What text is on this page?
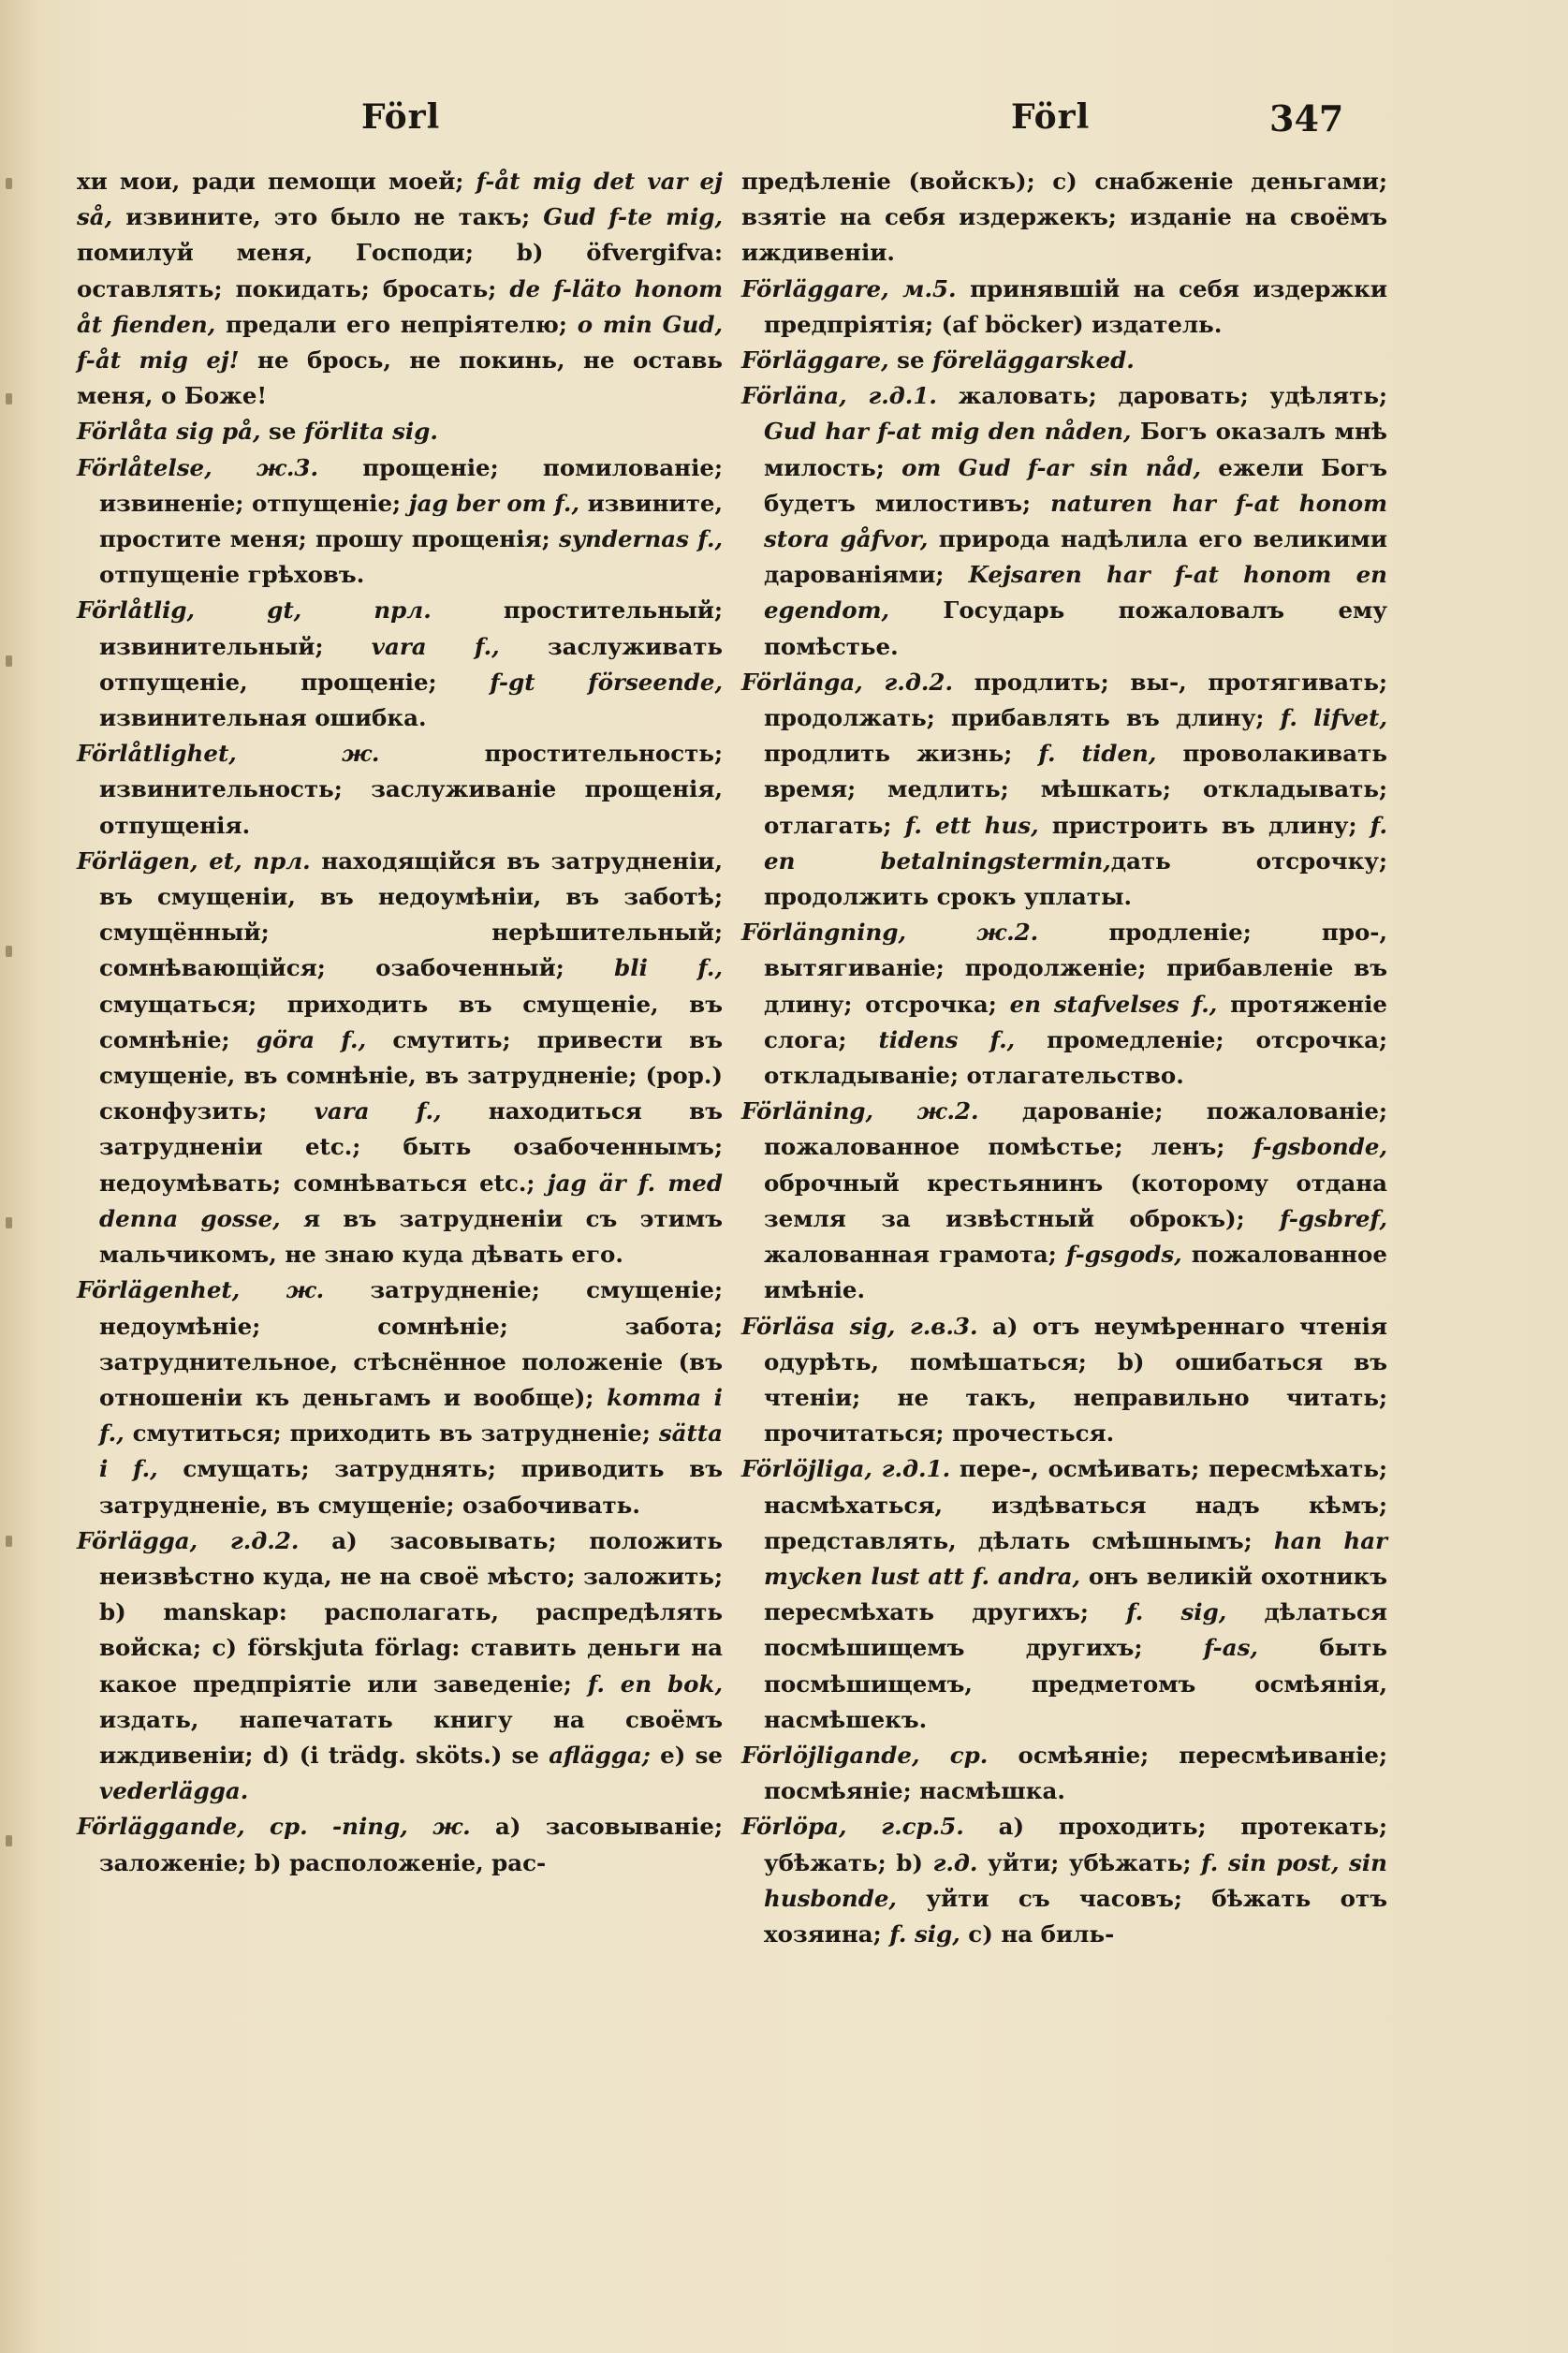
Förl	Förl	347

хи мои, ради пемощи моей; f-åt mig det var ej så, извините, это было не такъ; Gud f-te mig, помилуй меня, Господи; b) öfvergifva: оставлять; покидать; бросать; de f-läto honom åt fienden, предали его непріятелю; o min Gud, f-åt mig ej! не брось, не покинь, не оставь меня, о Боже!

Förlåta sig på, se förlita sig.

Förlåtelse, ж.3. прощеніе; помилованіе; извиненіе; отпущеніе; jag ber om f., извините, простите меня; прошу прощенія; syndernas f., отпущеніе грѣховъ.

Förlåtlig, gt, прл. простительный; извинительный; vara f., заслуживать отпущеніе, прощеніе; f-gt förseende, извинительная ошибка.

Förlåtlighet, ж. простительность; извинительность; заслуживаніе прощенія, отпущенія.

Förlägen, et, прл. находящійся въ затрудненіи, въ смущеніи, въ недоумѣніи, въ заботѣ; смущённый; нерѣшительный; сомнѣвающійся; озабоченный; bli f., смущаться; приходить въ смущеніе, въ сомнѣніе; göra f., смутить; привести въ смущеніе, въ сомнѣніе, въ затрудненіе; (рор.) сконфузить; vara f., находиться въ затрудненіи etc.; быть озабоченнымъ; недоумѣвать; сомнѣваться etc.; jag är f. med denna gosse, я въ затрудненіи съ этимъ мальчикомъ, не знаю куда дѣвать его.

Förlägenhet, ж. затрудненіе; смущеніе; недоумѣніе; сомнѣніе; забота; затруднительное, стѣснённое положеніе (въ отношеніи къ деньгамъ и вообще); komma i f., смутиться; приходить въ затрудненіе; sätta i f., смущать; затруднять; приводить въ затрудненіе, въ смущеніе; озабочивать.

Förlägga, г.д.2. a) засовывать; положить неизвѣстно куда, не на своё мѣсто; заложить; b) manskap: располагать, распредѣлять войска; c) förskjuta förlag: ставить деньги на какое предпріятіе или заведеніе; f. en bok, издать, напечатать книгу на своёмъ иждивеніи; d) (i trädg. sköts.) se aflägga; e) se vederlägga.

Förläggande, ср. -ning, ж. a) засовываніе; заложеніе; b) расположеніе, рас-

предѣленіе (войскъ); c) снабженіе деньгами; взятіе на себя издержекъ; изданіе на своёмъ иждивеніи.

Förläggare, м.5. принявшій на себя издержки предпріятія; (af böcker) издатель.

Förläggare, se föreläggarsked.

Förläna, г.д.1. жаловать; даровать; удѣлять; Gud har f-at mig den nåden, Богъ оказалъ мнѣ милость; om Gud f-ar sin nåd, ежели Богъ будетъ милостивъ; naturen har f-at honom stora gåfvor, природа надѣлила его великими дарованіями; Kejsaren har f-at honom en egendom, Государь пожаловалъ ему помѣстье.

Förlänga, г.д.2. продлить; вы-, протягивать; продолжать; прибавлять въ длину; f. lifvet, продлить жизнь; f. tiden, проволакивать время; медлить; мѣшкать; откладывать; отлагать; f. ett hus, пристроить въ длину; f. en betalningstermin,дать отсрочку; продолжить срокъ уплаты.

Förlängning, ж.2. продленіе; про-, вытягиваніе; продолженіе; прибавленіе въ длину; отсрочка; en stafvelses f., протяженіе слога; tidens f., промедленіе; отсрочка; откладываніе; отлагательство.

Förläning, ж.2. дарованіе; пожалованіе; пожалованное помѣстье; ленъ; f-gsbonde, оброчный крестьянинъ (которому отдана земля за извѣстный оброкъ); f-gsbref, жалованная грамота; f-gsgods, пожалованное имѣніе.

Förläsa sig, г.в.3. a) отъ неумѣреннаго чтенія одурѣть, помѣшаться; b) ошибаться въ чтеніи; не такъ, неправильно читать; прочитаться; прочесться.

Förlöjliga, г.д.1. пере-, осмѣивать; пересмѣхать; насмѣхаться, издѣваться надъ кѣмъ; представлять, дѣлать смѣшнымъ; han har mycken lust att f. andra, онъ великій охотникъ пересмѣхать другихъ; f. sig, дѣлаться посмѣшищемъ другихъ; f-as, быть посмѣшищемъ, предметомъ осмѣянія, насмѣшекъ.

Förlöjligande, ср. осмѣяніе; пересмѣиваніе; посмѣяніе; насмѣшка.

Förlöpa, г.ср.5. a) проходить; протекать; убѣжать; b) г.д. уйти; убѣжать; f. sin post, sin husbonde, уйти съ часовъ; бѣжать отъ хозяина; f. sig, c) на биль-
